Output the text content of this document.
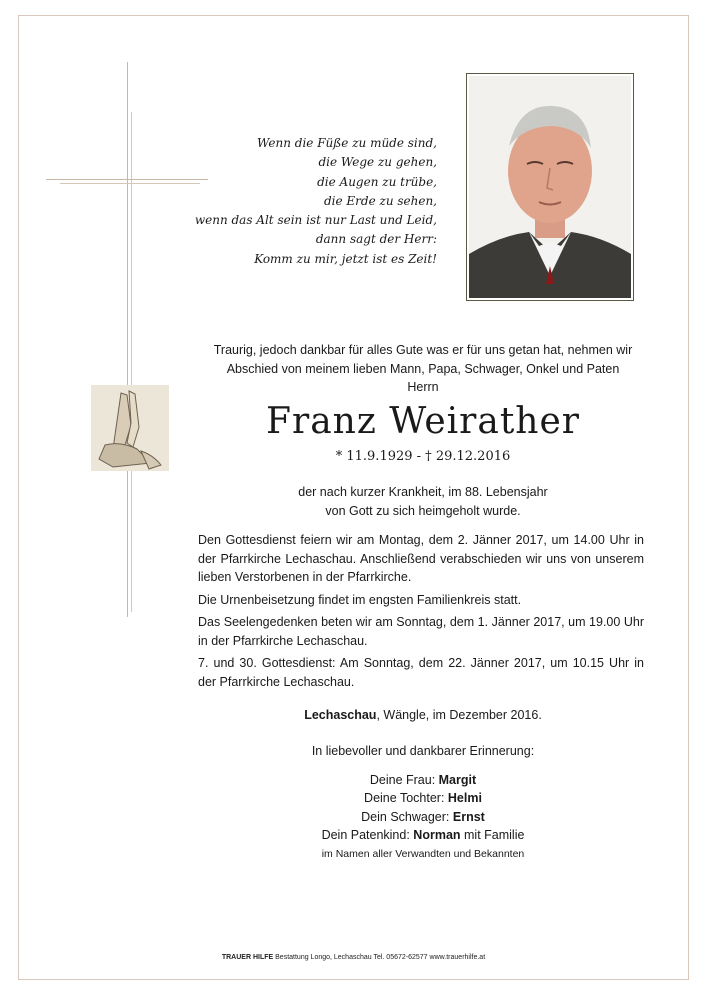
Wenn die Füße zu müde sind,
die Wege zu gehen,
die Augen zu trübe,
die Erde zu sehen,
wenn das Alt sein ist nur Last und Leid,
dann sagt der Herr:
Komm zu mir, jetzt ist es Zeit!
Traurig, jedoch dankbar für alles Gute was er für uns getan hat, nehmen wir
Abschied von meinem lieben Mann, Papa, Schwager, Onkel und Paten
Herrn
Franz Weirather
* 11.9.1929 - † 29.12.2016
der nach kurzer Krankheit, im 88. Lebensjahr
von Gott zu sich heimgeholt wurde.

Den Gottesdienst feiern wir am Montag, dem 2. Jänner 2017, um 14.00 Uhr in der Pfarrkirche Lechaschau. Anschließend verabschieden wir uns von unserem lieben Verstorbenen in der Pfarrkirche.

Die Urnenbeisetzung findet im engsten Familienkreis statt.

Das Seelengedenken beten wir am Sonntag, dem 1. Jänner 2017, um 19.00 Uhr in der Pfarrkirche Lechaschau.

7. und 30. Gottesdienst: Am Sonntag, dem 22. Jänner 2017, um 10.15 Uhr in der Pfarrkirche Lechaschau.

Lechaschau, Wängle, im Dezember 2016.
In liebevoller und dankbarer Erinnerung:
Deine Frau: Margit
Deine Tochter: Helmi
Dein Schwager: Ernst
Dein Patenkind: Norman mit Familie
im Namen aller Verwandten und Bekannten
TRAUER HILFE Bestattung Longo, Lechaschau Tel. 05672-62577 www.trauerhilfe.at
